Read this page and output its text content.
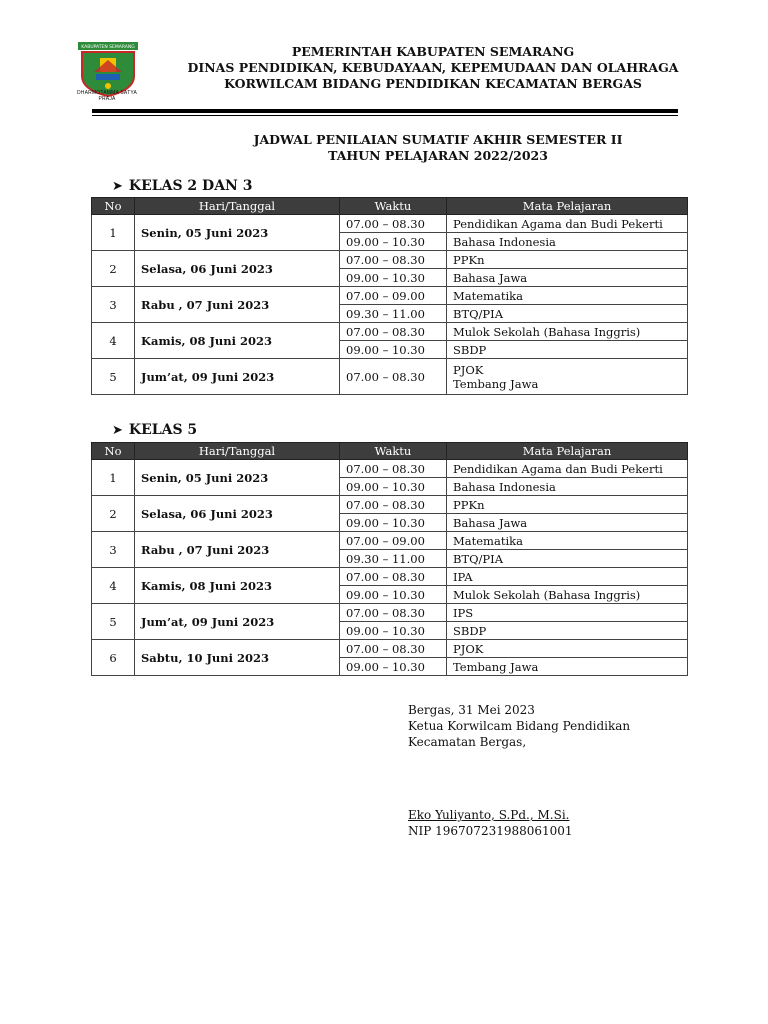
KABUPATEN SEMARANG
DHARMOTAMMA SATYA PRAJA
PEMERINTAH KABUPATEN SEMARANG
DINAS PENDIDIKAN, KEBUDAYAAN, KEPEMUDAAN DAN OLAHRAGA
KORWILCAM BIDANG PENDIDIKAN KECAMATAN BERGAS
JADWAL PENILAIAN SUMATIF AKHIR SEMESTER II
TAHUN PELAJARAN 2022/2023
➤ KELAS 2 DAN 3
No	Hari/Tanggal	Waktu	Mata Pelajaran
1	Senin, 05 Juni 2023	07.00 – 08.30	Pendidikan Agama dan Budi Pekerti
		09.00 – 10.30	Bahasa Indonesia
2	Selasa, 06 Juni 2023	07.00 – 08.30	PPKn
		09.00 – 10.30	Bahasa Jawa
3	Rabu , 07 Juni 2023	07.00 – 09.00	Matematika
		09.30 – 11.00	BTQ/PIA
4	Kamis, 08 Juni 2023	07.00 – 08.30	Mulok Sekolah (Bahasa Inggris)
		09.00 – 10.30	SBDP
5	Jum’at, 09 Juni 2023	07.00 – 08.30	PJOK
Tembang Jawa
➤ KELAS 5
No	Hari/Tanggal	Waktu	Mata Pelajaran
1	Senin, 05 Juni 2023	07.00 – 08.30	Pendidikan Agama dan Budi Pekerti
		09.00 – 10.30	Bahasa Indonesia
2	Selasa, 06 Juni 2023	07.00 – 08.30	PPKn
		09.00 – 10.30	Bahasa Jawa
3	Rabu , 07 Juni 2023	07.00 – 09.00	Matematika
		09.30 – 11.00	BTQ/PIA
4	Kamis, 08 Juni 2023	07.00 – 08.30	IPA
		09.00 – 10.30	Mulok Sekolah (Bahasa Inggris)
5	Jum’at, 09 Juni 2023	07.00 – 08.30	IPS
		09.00 – 10.30	SBDP
6	Sabtu, 10 Juni 2023	07.00 – 08.30	PJOK
		09.00 – 10.30	Tembang Jawa
Bergas, 31 Mei 2023
Ketua Korwilcam Bidang Pendidikan
Kecamatan Bergas,
Eko Yuliyanto, S.Pd., M.Si.
NIP 196707231988061001
